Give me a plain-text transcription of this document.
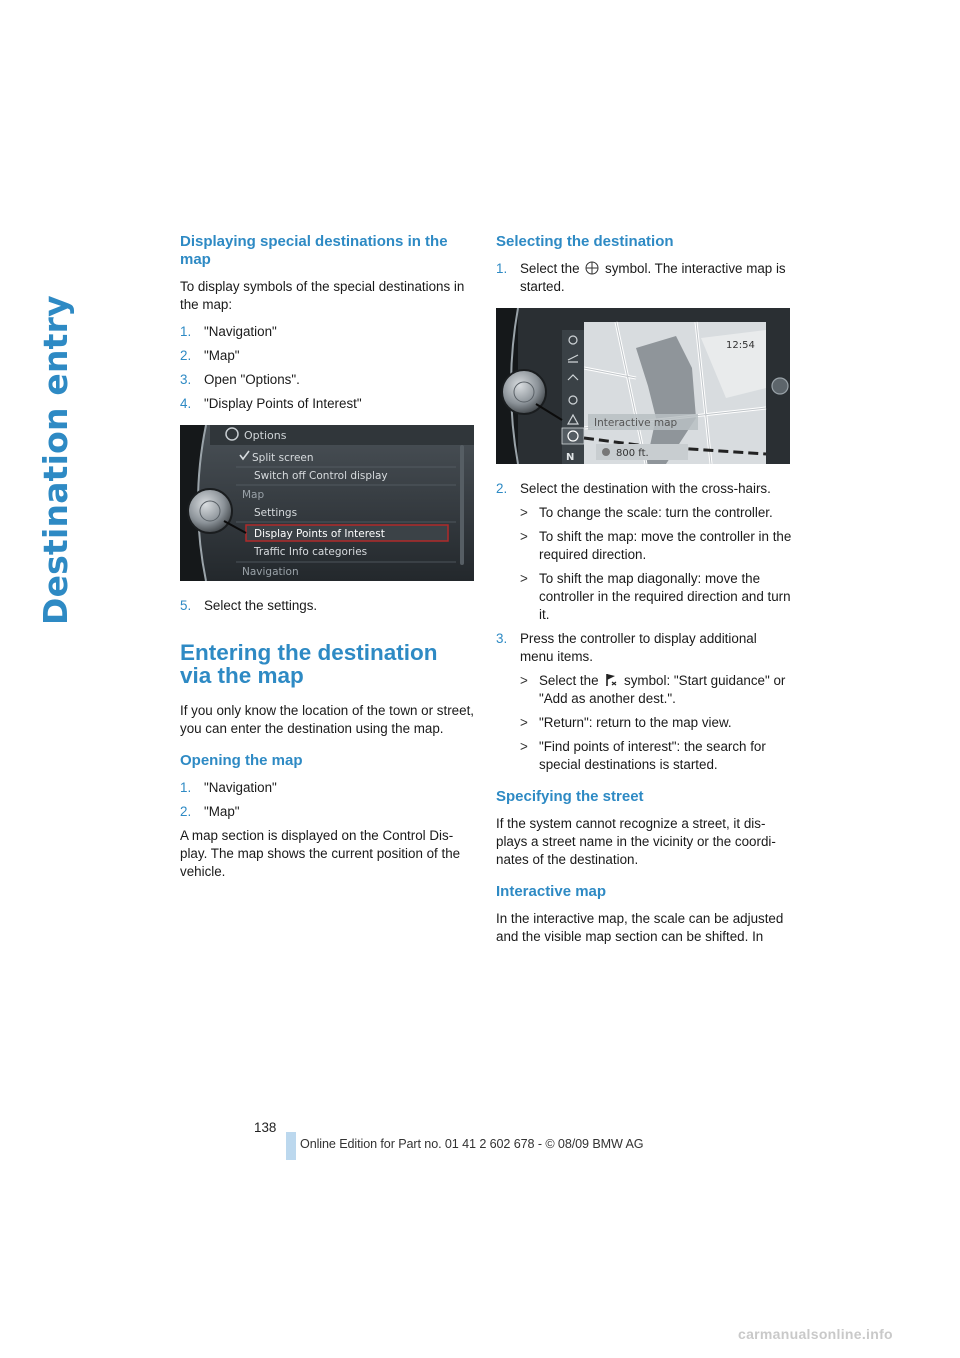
Destination entry
Displaying special destinations in the map

To display symbols of the special destinations in the map:

1. "Navigation"
2. "Map"
3. Open "Options".
4. "Display Points of Interest"
Options
Split screen
Switch off Control display
Map
Settings
Display Points of Interest
Traffic Info categories
Navigation
5. Select the settings.
Entering the destination via the map

If you only know the location of the town or street, you can enter the destination using the map.

Opening the map
1. "Navigation"
2. "Map"

A map section is displayed on the Control Dis-play. The map shows the current position of the vehicle.

Selecting the destination
1. Select the symbol. The interactive map is started.
12:54
N
Interactive map
800 ft.
2. Select the destination with the cross-hairs.
> To change the scale: turn the controller.
> To shift the map: move the controller in the required direction.
> To shift the map diagonally: move the controller in the required direction and turn it.
3. Press the controller to display additional menu items.
> Select the symbol: "Start guidance" or "Add as another dest.".
> "Return": return to the map view.
> "Find points of interest": the search for special destinations is started.
Specifying the street

If the system cannot recognize a street, it dis-plays a street name in the vicinity or the coordi-nates of the destination.

Interactive map

In the interactive map, the scale can be adjusted and the visible map section can be shifted. In

138
Online Edition for Part no. 01 41 2 602 678 - © 08/09 BMW AG
carmanualsonline.info
